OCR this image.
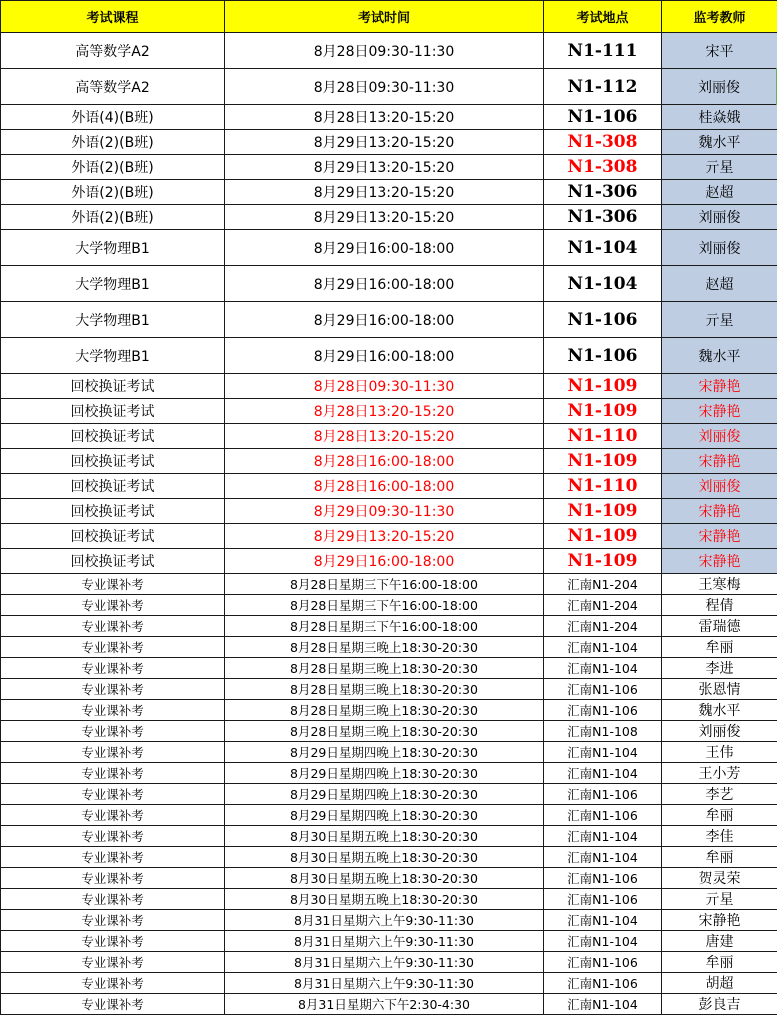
考试课程	考试时间	考试地点	监考教师
高等数学A2	8月28日09:30-11:30	N1-111	宋平
高等数学A2	8月28日09:30-11:30	N1-112	刘丽俊
外语(4)(B班)	8月28日13:20-15:20	N1-106	桂焱娥
外语(2)(B班)	8月29日13:20-15:20	N1-308	魏水平
外语(2)(B班)	8月29日13:20-15:20	N1-308	亓星
外语(2)(B班)	8月29日13:20-15:20	N1-306	赵超
外语(2)(B班)	8月29日13:20-15:20	N1-306	刘丽俊
大学物理B1	8月29日16:00-18:00	N1-104	刘丽俊
大学物理B1	8月29日16:00-18:00	N1-104	赵超
大学物理B1	8月29日16:00-18:00	N1-106	亓星
大学物理B1	8月29日16:00-18:00	N1-106	魏水平
回校换证考试	8月28日09:30-11:30	N1-109	宋静艳
回校换证考试	8月28日13:20-15:20	N1-109	宋静艳
回校换证考试	8月28日13:20-15:20	N1-110	刘丽俊
回校换证考试	8月28日16:00-18:00	N1-109	宋静艳
回校换证考试	8月28日16:00-18:00	N1-110	刘丽俊
回校换证考试	8月29日09:30-11:30	N1-109	宋静艳
回校换证考试	8月29日13:20-15:20	N1-109	宋静艳
回校换证考试	8月29日16:00-18:00	N1-109	宋静艳
专业课补考	8月28日星期三下午16:00-18:00	汇南N1-204	王寒梅
专业课补考	8月28日星期三下午16:00-18:00	汇南N1-204	程倩
专业课补考	8月28日星期三下午16:00-18:00	汇南N1-204	雷瑞德
专业课补考	8月28日星期三晚上18:30-20:30	汇南N1-104	牟丽
专业课补考	8月28日星期三晚上18:30-20:30	汇南N1-104	李进
专业课补考	8月28日星期三晚上18:30-20:30	汇南N1-106	张恩情
专业课补考	8月28日星期三晚上18:30-20:30	汇南N1-106	魏水平
专业课补考	8月28日星期三晚上18:30-20:30	汇南N1-108	刘丽俊
专业课补考	8月29日星期四晚上18:30-20:30	汇南N1-104	王伟
专业课补考	8月29日星期四晚上18:30-20:30	汇南N1-104	王小芳
专业课补考	8月29日星期四晚上18:30-20:30	汇南N1-106	李艺
专业课补考	8月29日星期四晚上18:30-20:30	汇南N1-106	牟丽
专业课补考	8月30日星期五晚上18:30-20:30	汇南N1-104	李佳
专业课补考	8月30日星期五晚上18:30-20:30	汇南N1-104	牟丽
专业课补考	8月30日星期五晚上18:30-20:30	汇南N1-106	贺灵荣
专业课补考	8月30日星期五晚上18:30-20:30	汇南N1-106	亓星
专业课补考	8月31日星期六上午9:30-11:30	汇南N1-104	宋静艳
专业课补考	8月31日星期六上午9:30-11:30	汇南N1-104	唐建
专业课补考	8月31日星期六上午9:30-11:30	汇南N1-106	牟丽
专业课补考	8月31日星期六上午9:30-11:30	汇南N1-106	胡超
专业课补考	8月31日星期六下午2:30-4:30	汇南N1-104	彭良吉
